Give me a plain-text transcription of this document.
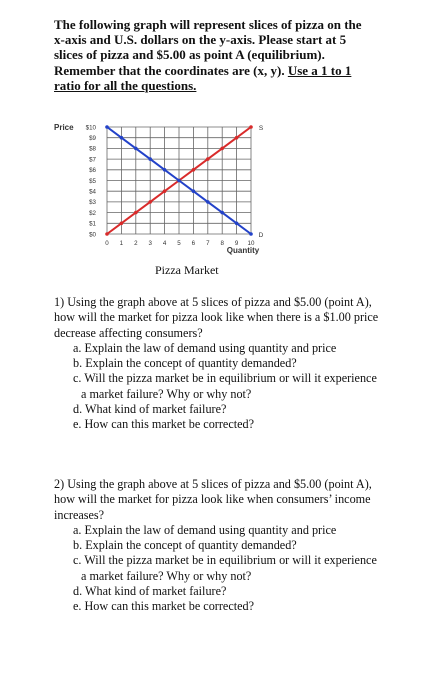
The following graph will represent slices of pizza on the x-axis and U.S. dollars on the y-axis. Please start at 5 slices of pizza and $5.00 as point A (equilibrium). Remember that the coordinates are (x, y). Use a 1 to 1 ratio for all the questions.
$0
$1
$2
$3
$4
$5
$6
$7
$8
$9
$10
0 1 2 3 4 5 6 7 8 9 10
Price
Quantity
S
D
Pizza Market

1) Using the graph above at 5 slices of pizza and $5.00 (point A), how will the market for pizza look like when there is a $1.00 price decrease affecting consumers?

a. Explain the law of demand using quantity and price
b. Explain the concept of quantity demanded?
c. Will the pizza market be in equilibrium or will it experience a market failure? Why or why not?
d. What kind of market failure?
e. How can this market be corrected?

2) Using the graph above at 5 slices of pizza and $5.00 (point A), how will the market for pizza look like when consumers’ income increases?

a. Explain the law of demand using quantity and price
b. Explain the concept of quantity demanded?
c. Will the pizza market be in equilibrium or will it experience a market failure? Why or why not?
d. What kind of market failure?
e. How can this market be corrected?
